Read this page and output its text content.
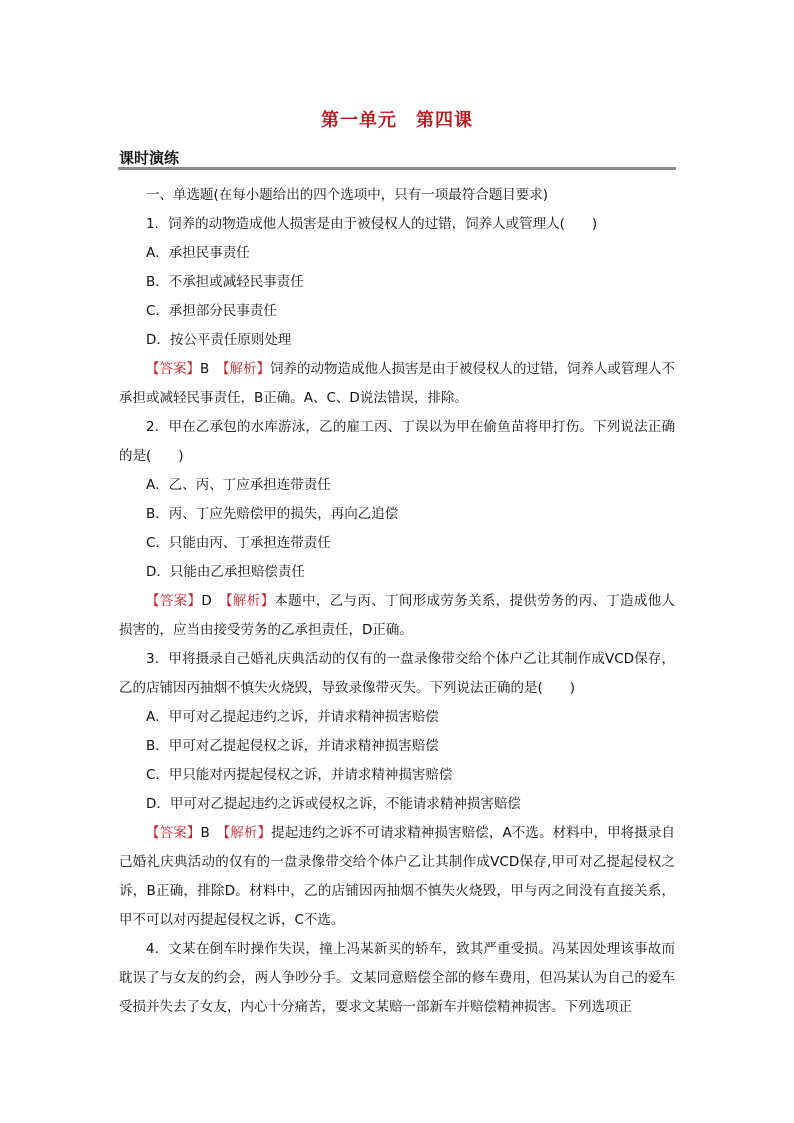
第一单元　第四课
课时演练

一、单选题(在每小题给出的四个选项中，只有一项最符合题目要求)

1．饲养的动物造成他人损害是由于被侵权人的过错，饲养人或管理人(　　)

A．承担民事责任

B．不承担或减轻民事责任

C．承担部分民事责任

D．按公平责任原则处理

【答案】B　【解析】饲养的动物造成他人损害是由于被侵权人的过错，饲养人或管理人不承担或减轻民事责任，B正确。A、C、D说法错误，排除。

2．甲在乙承包的水库游泳，乙的雇工丙、丁误以为甲在偷鱼苗将甲打伤。下列说法正确的是(　　)

A．乙、丙、丁应承担连带责任

B．丙、丁应先赔偿甲的损失，再向乙追偿

C．只能由丙、丁承担连带责任

D．只能由乙承担赔偿责任

【答案】D　【解析】本题中，乙与丙、丁间形成劳务关系，提供劳务的丙、丁造成他人损害的，应当由接受劳务的乙承担责任，D正确。

3．甲将摄录自己婚礼庆典活动的仅有的一盘录像带交给个体户乙让其制作成VCD保存，乙的店铺因丙抽烟不慎失火烧毁，导致录像带灭失。下列说法正确的是(　　)

A．甲可对乙提起违约之诉，并请求精神损害赔偿

B．甲可对乙提起侵权之诉，并请求精神损害赔偿

C．甲只能对丙提起侵权之诉，并请求精神损害赔偿

D．甲可对乙提起违约之诉或侵权之诉，不能请求精神损害赔偿

【答案】B　【解析】提起违约之诉不可请求精神损害赔偿，A不选。材料中，甲将摄录自己婚礼庆典活动的仅有的一盘录像带交给个体户乙让其制作成VCD保存,甲可对乙提起侵权之诉，B正确，排除D。材料中，乙的店铺因丙抽烟不慎失火烧毁，甲与丙之间没有直接关系，甲不可以对丙提起侵权之诉，C不选。

4．文某在倒车时操作失误，撞上冯某新买的轿车，致其严重受损。冯某因处理该事故而耽误了与女友的约会，两人争吵分手。文某同意赔偿全部的修车费用，但冯某认为自己的爱车受损并失去了女友，内心十分痛苦，要求文某赔一部新车并赔偿精神损害。下列选项正
